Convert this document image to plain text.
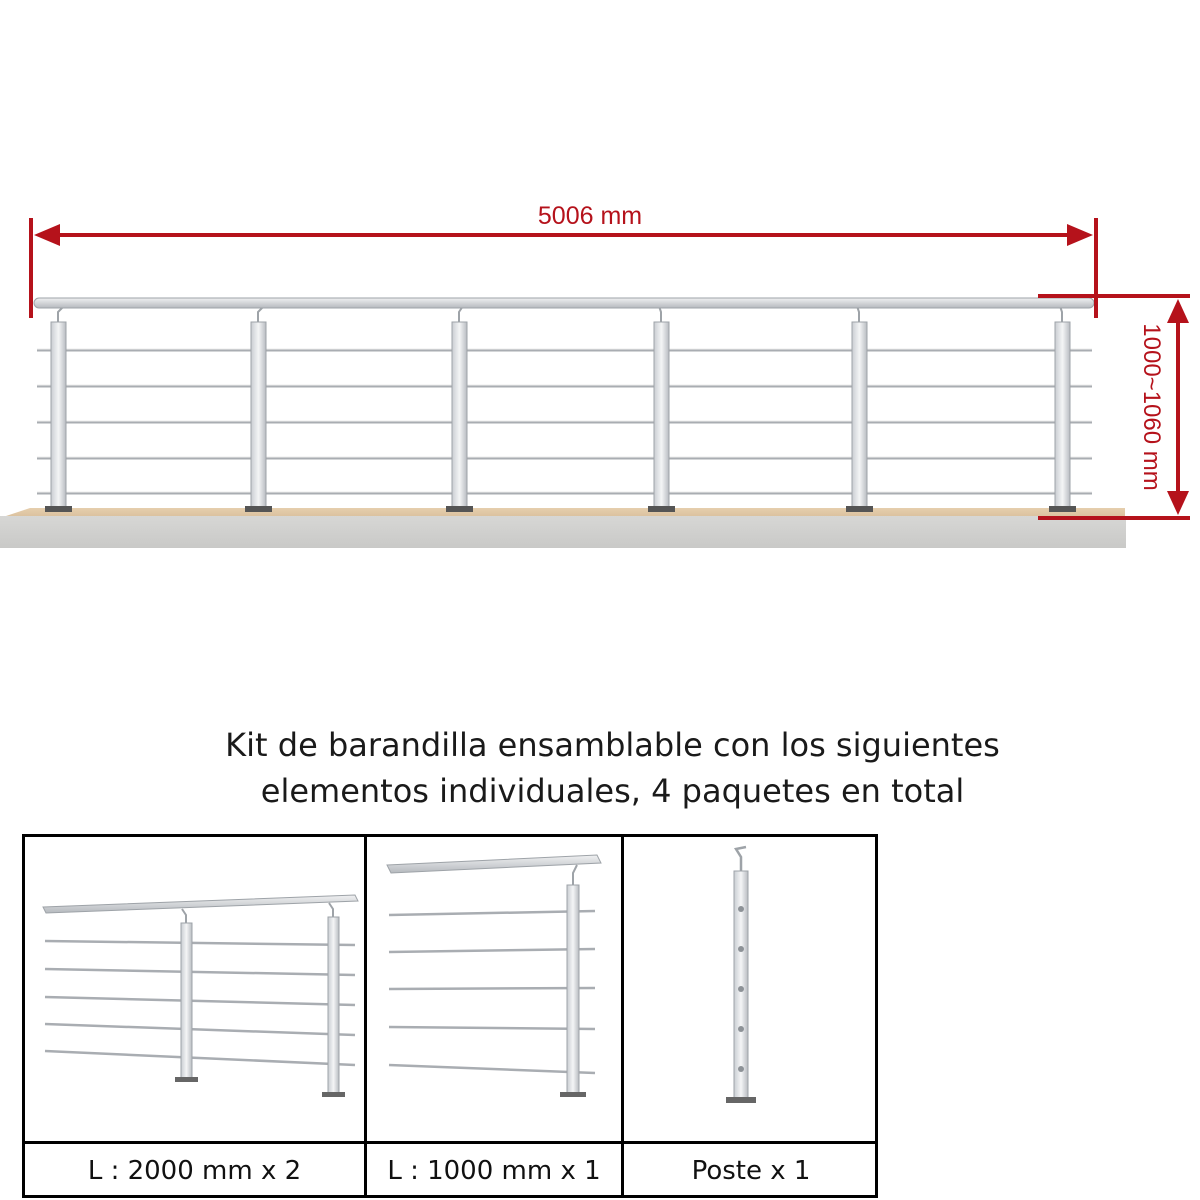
5006 mm
1000~1060 mm
Kit de barandilla ensamblable con los siguientes
elementos individuales, 4 paquetes en total
L : 2000 mm x 2	L : 1000 mm x 1	Poste x 1
